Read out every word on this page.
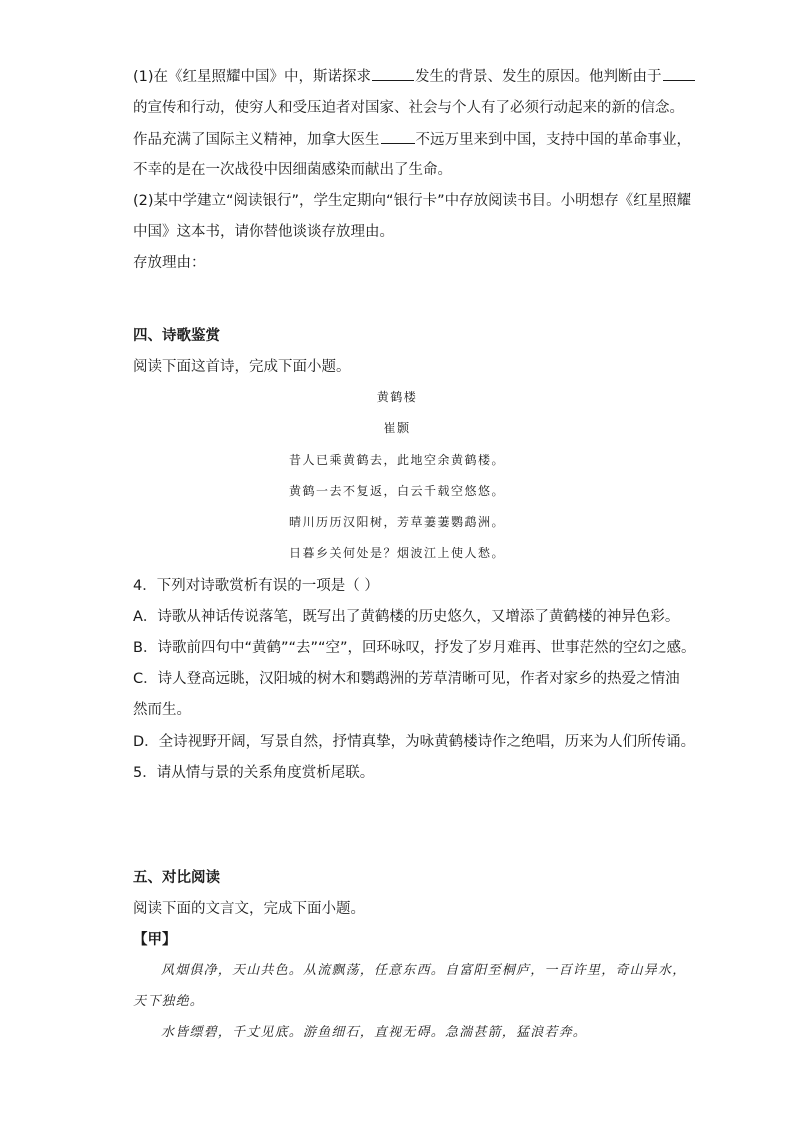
(1)在《红星照耀中国》中，斯诺探求	发生的背景、发生的原因。他判断由于
的宣传和行动，使穷人和受压迫者对国家、社会与个人有了必须行动起来的新的信念。
作品充满了国际主义精神，加拿大医生 不远万里来到中国，支持中国的革命事业，
不幸的是在一次战役中因细菌感染而献出了生命。
(2)某中学建立“阅读银行”，学生定期向“银行卡”中存放阅读书目。小明想存《红星照耀
中国》这本书，请你替他谈谈存放理由。
存放理由：
四、诗歌鉴赏
阅读下面这首诗，完成下面小题。
黄鹤楼
崔颢
昔人已乘黄鹤去，此地空余黄鹤楼。
黄鹤一去不复返，白云千载空悠悠。
晴川历历汉阳树，芳草萋萋鹦鹉洲。
日暮乡关何处是？烟波江上使人愁。
4．下列对诗歌赏析有误的一项是（ ）
A．诗歌从神话传说落笔，既写出了黄鹤楼的历史悠久，又增添了黄鹤楼的神异色彩。
B．诗歌前四句中“黄鹤”“去”“空”，回环咏叹，抒发了岁月难再、世事茫然的空幻之感。
C．诗人登高远眺，汉阳城的树木和鹦鹉洲的芳草清晰可见，作者对家乡的热爱之情油
然而生。
D．全诗视野开阔，写景自然，抒情真挚，为咏黄鹤楼诗作之绝唱，历来为人们所传诵。
5．请从情与景的关系角度赏析尾联。
五、对比阅读
阅读下面的文言文，完成下面小题。
【甲】
风烟俱净，天山共色。从流飘荡，任意东西。自富阳至桐庐，一百许里，奇山异水，
天下独绝。
水皆缥碧，千丈见底。游鱼细石，直视无碍。急湍甚箭，猛浪若奔。
